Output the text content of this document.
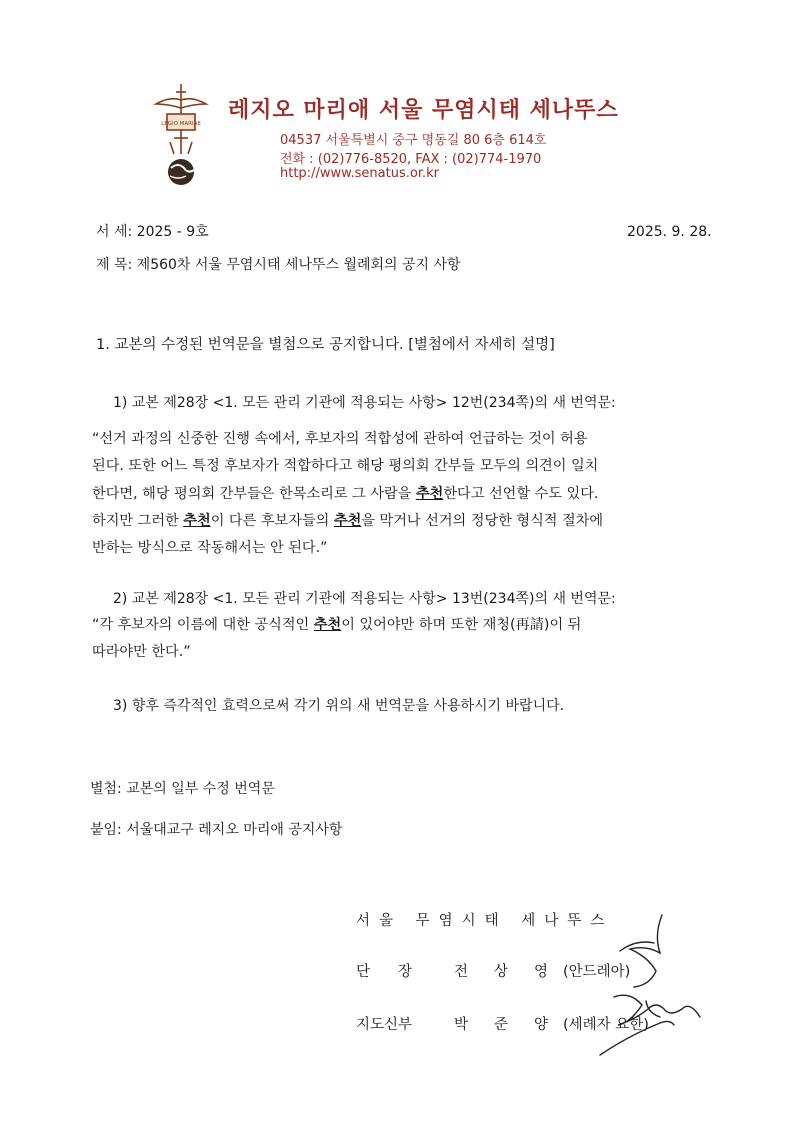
LEGIO MARIAE
레지오 마리애 서울 무염시태 세나뚜스
04537 서울특별시 중구 명동길 80 6층 614호
전화 : (02)776-8520, FAX : (02)774-1970
http://www.senatus.or.kr
서 세: 2025 - 9호	2025. 9. 28.
제 목: 제560차 서울 무염시태 세나뚜스 월례회의 공지 사항
1. 교본의 수정된 번역문을 별첨으로 공지합니다. [별첨에서 자세히 설명]
1) 교본 제28장 <1. 모든 관리 기관에 적용되는 사항> 12번(234쪽)의 새 번역문:
“선거 과정의 신중한 진행 속에서, 후보자의 적합성에 관하여 언급하는 것이 허용
된다. 또한 어느 특정 후보자가 적합하다고 해당 평의회 간부들 모두의 의견이 일치
한다면, 해당 평의회 간부들은 한목소리로 그 사람을 추천한다고 선언할 수도 있다.
하지만 그러한 추천이 다른 후보자들의 추천을 막거나 선거의 정당한 형식적 절차에
반하는 방식으로 작동해서는 안 된다.”
2) 교본 제28장 <1. 모든 관리 기관에 적용되는 사항> 13번(234쪽)의 새 번역문:
“각 후보자의 이름에 대한 공식적인 추천이 있어야만 하며 또한 재청(再請)이 뒤
따라야만 한다.”
3) 향후 즉각적인 효력으로써 각기 위의 새 번역문을 사용하시기 바랍니다.
별첨: 교본의 일부 수정 번역문
붙임: 서울대교구 레지오 마리애 공지사항
서울 무염시태 세나뚜스
단장 전상영
(안드레아)
지도신부	박준양
(세례자 요한)
